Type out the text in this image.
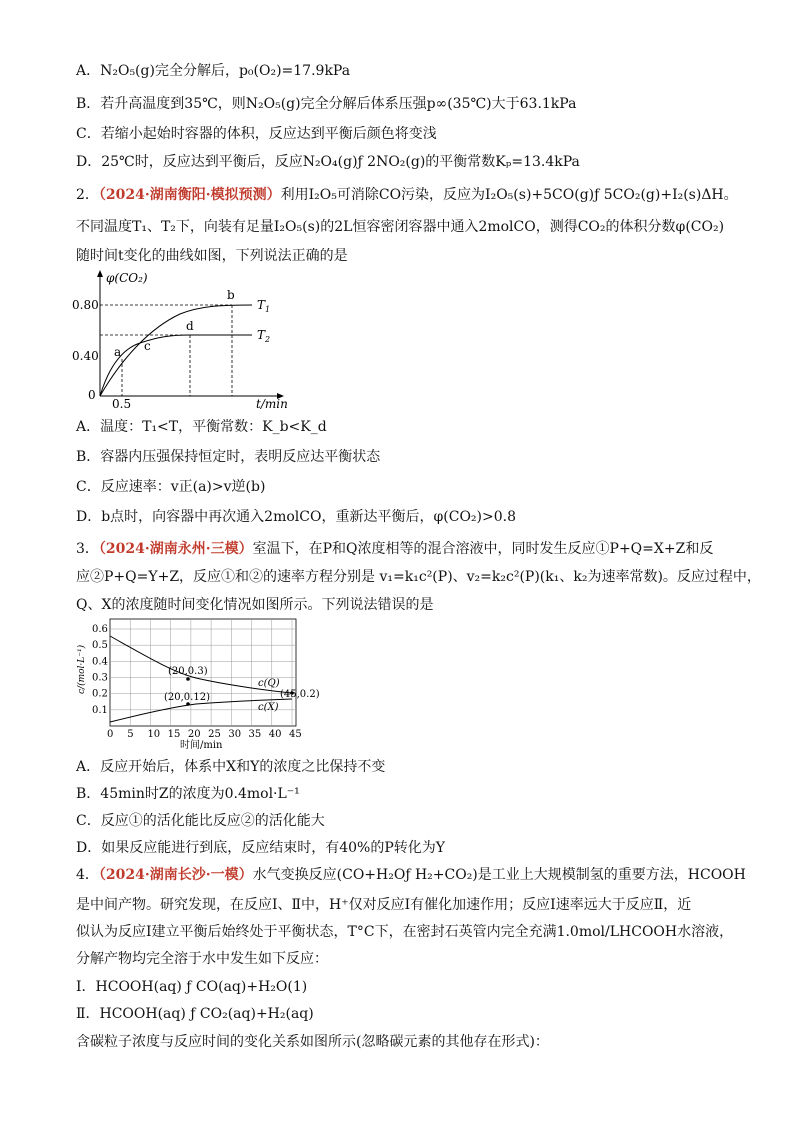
A．N₂O₅(g)完全分解后，p₀(O₂)=17.9kPa
B．若升高温度到35℃，则N₂O₅(g)完全分解后体系压强p∞(35℃)大于63.1kPa
C．若缩小起始时容器的体积，反应达到平衡后颜色将变浅
D．25℃时，反应达到平衡后，反应N₂O₄(g)ƒ 2NO₂(g)的平衡常数Kₚ=13.4kPa
2．（2024·湖南衡阳·模拟预测）利用I₂O₅可消除CO污染，反应为I₂O₅(s)+5CO(g)ƒ 5CO₂(g)+I₂(s)ΔH。
不同温度T₁、T₂下，向装有足量I₂O₅(s)的2L恒容密闭容器中通入2molCO，测得CO₂的体积分数φ(CO₂)
随时间t变化的曲线如图，下列说法正确的是
φ(CO₂)
t/min
0.80
0.40
0
0.5
$T_1$
$T_2$
a c
d
b
A．温度：T₁<T，平衡常数：K_b<K_d
B．容器内压强保持恒定时，表明反应达平衡状态
C．反应速率：v正(a)>v逆(b)
D．b点时，向容器中再次通入2molCO，重新达平衡后，φ(CO₂)>0.8
3．（2024·湖南永州·三模）室温下，在P和Q浓度相等的混合溶液中，同时发生反应①P+Q=X+Z和反
应②P+Q=Y+Z，反应①和②的速率方程分别是 v₁=k₁c²(P)、v₂=k₂c²(P)(k₁、k₂为速率常数)。反应过程中，
Q、X的浓度随时间变化情况如图所示。下列说法错误的是
(20,0.3)
(20,0.12)	(45,0.2)
c(Q)
c(X)
c/(mol·L⁻¹)
时间/min
0 5 10 15 20 25 30 35 40 45
0.1
0.2
0.3
0.4
0.5
0.6
A．反应开始后，体系中X和Y的浓度之比保持不变
B．45min时Z的浓度为0.4mol·L⁻¹
C．反应①的活化能比反应②的活化能大
D．如果反应能进行到底，反应结束时，有40%的P转化为Y
4．（2024·湖南长沙·一模）水气变换反应(CO+H₂Oƒ H₂+CO₂)是工业上大规模制氢的重要方法，HCOOH
是中间产物。研究发现，在反应Ⅰ、Ⅱ中，H⁺仅对反应Ⅰ有催化加速作用；反应Ⅰ速率远大于反应Ⅱ，近
似认为反应Ⅰ建立平衡后始终处于平衡状态，T°C下，在密封石英管内完全充满1.0mol/LHCOOH水溶液，
分解产物均完全溶于水中发生如下反应：
Ⅰ．HCOOH(aq) ƒ CO(aq)+H₂O(1)
Ⅱ．HCOOH(aq) ƒ CO₂(aq)+H₂(aq)
含碳粒子浓度与反应时间的变化关系如图所示(忽略碳元素的其他存在形式)：
